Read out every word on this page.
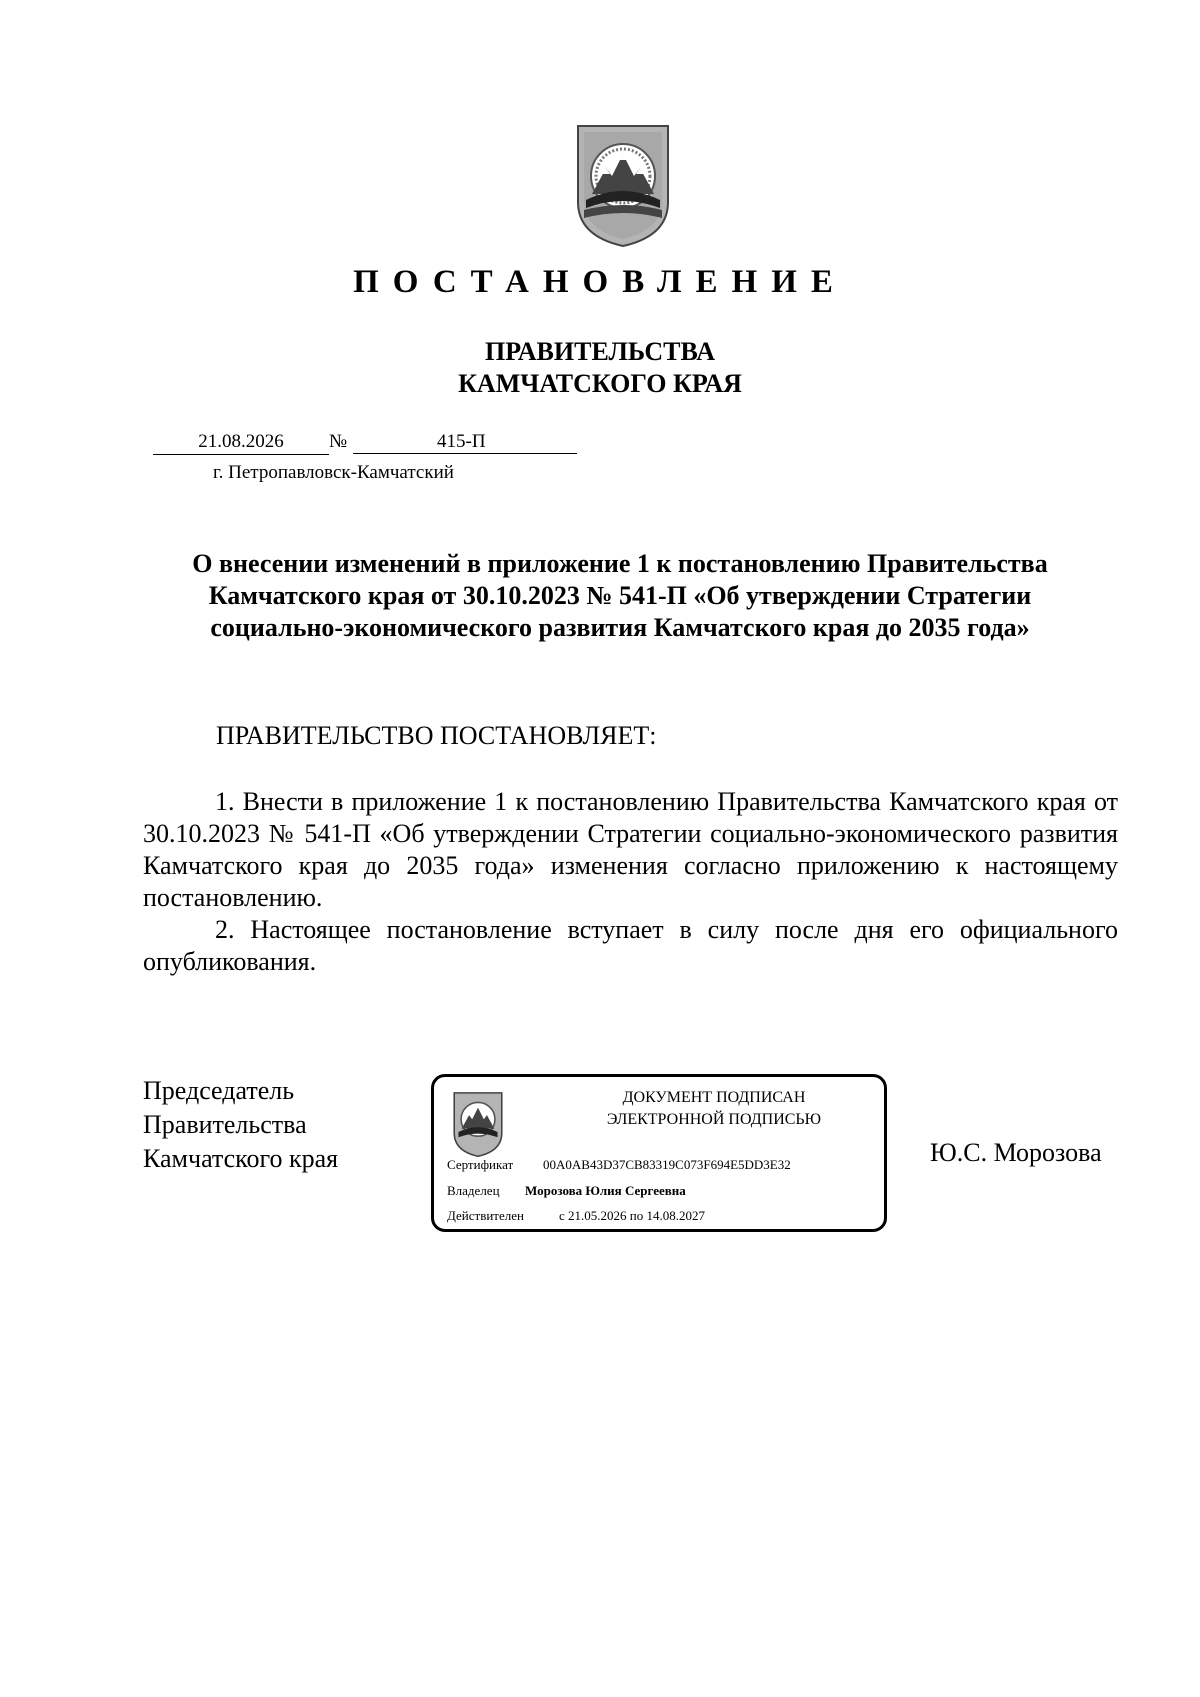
ПОСТАНОВЛЕНИЕ
ПРАВИТЕЛЬСТВА
КАМЧАТСКОГО КРАЯ
21.08.2026	№	415-П
г. Петропавловск-Камчатский
О внесении изменений в приложение 1 к постановлению Правительства
Камчатского края от 30.10.2023 № 541-П «Об утверждении Стратегии
социально-экономического развития Камчатского края до 2035 года»
ПРАВИТЕЛЬСТВО ПОСТАНОВЛЯЕТ:

1. Внести в приложение 1 к постановлению Правительства Камчатского края от 30.10.2023 № 541-П «Об утверждении Стратегии социально-экономического развития Камчатского края до 2035 года» изменения согласно приложению к настоящему постановлению.

2. Настоящее постановление вступает в силу после дня его официального опубликования.

Председатель
Правительства
Камчатского края
ДОКУМЕНТ ПОДПИСАН
ЭЛЕКТРОННОЙ ПОДПИСЬЮ
Сертификат 00A0AB43D37CB83319C073F694E5DD3E32
Владелец Морозова Юлия Сергеевна
Действителен	с 21.05.2026 по 14.08.2027
Ю.С. Морозова
